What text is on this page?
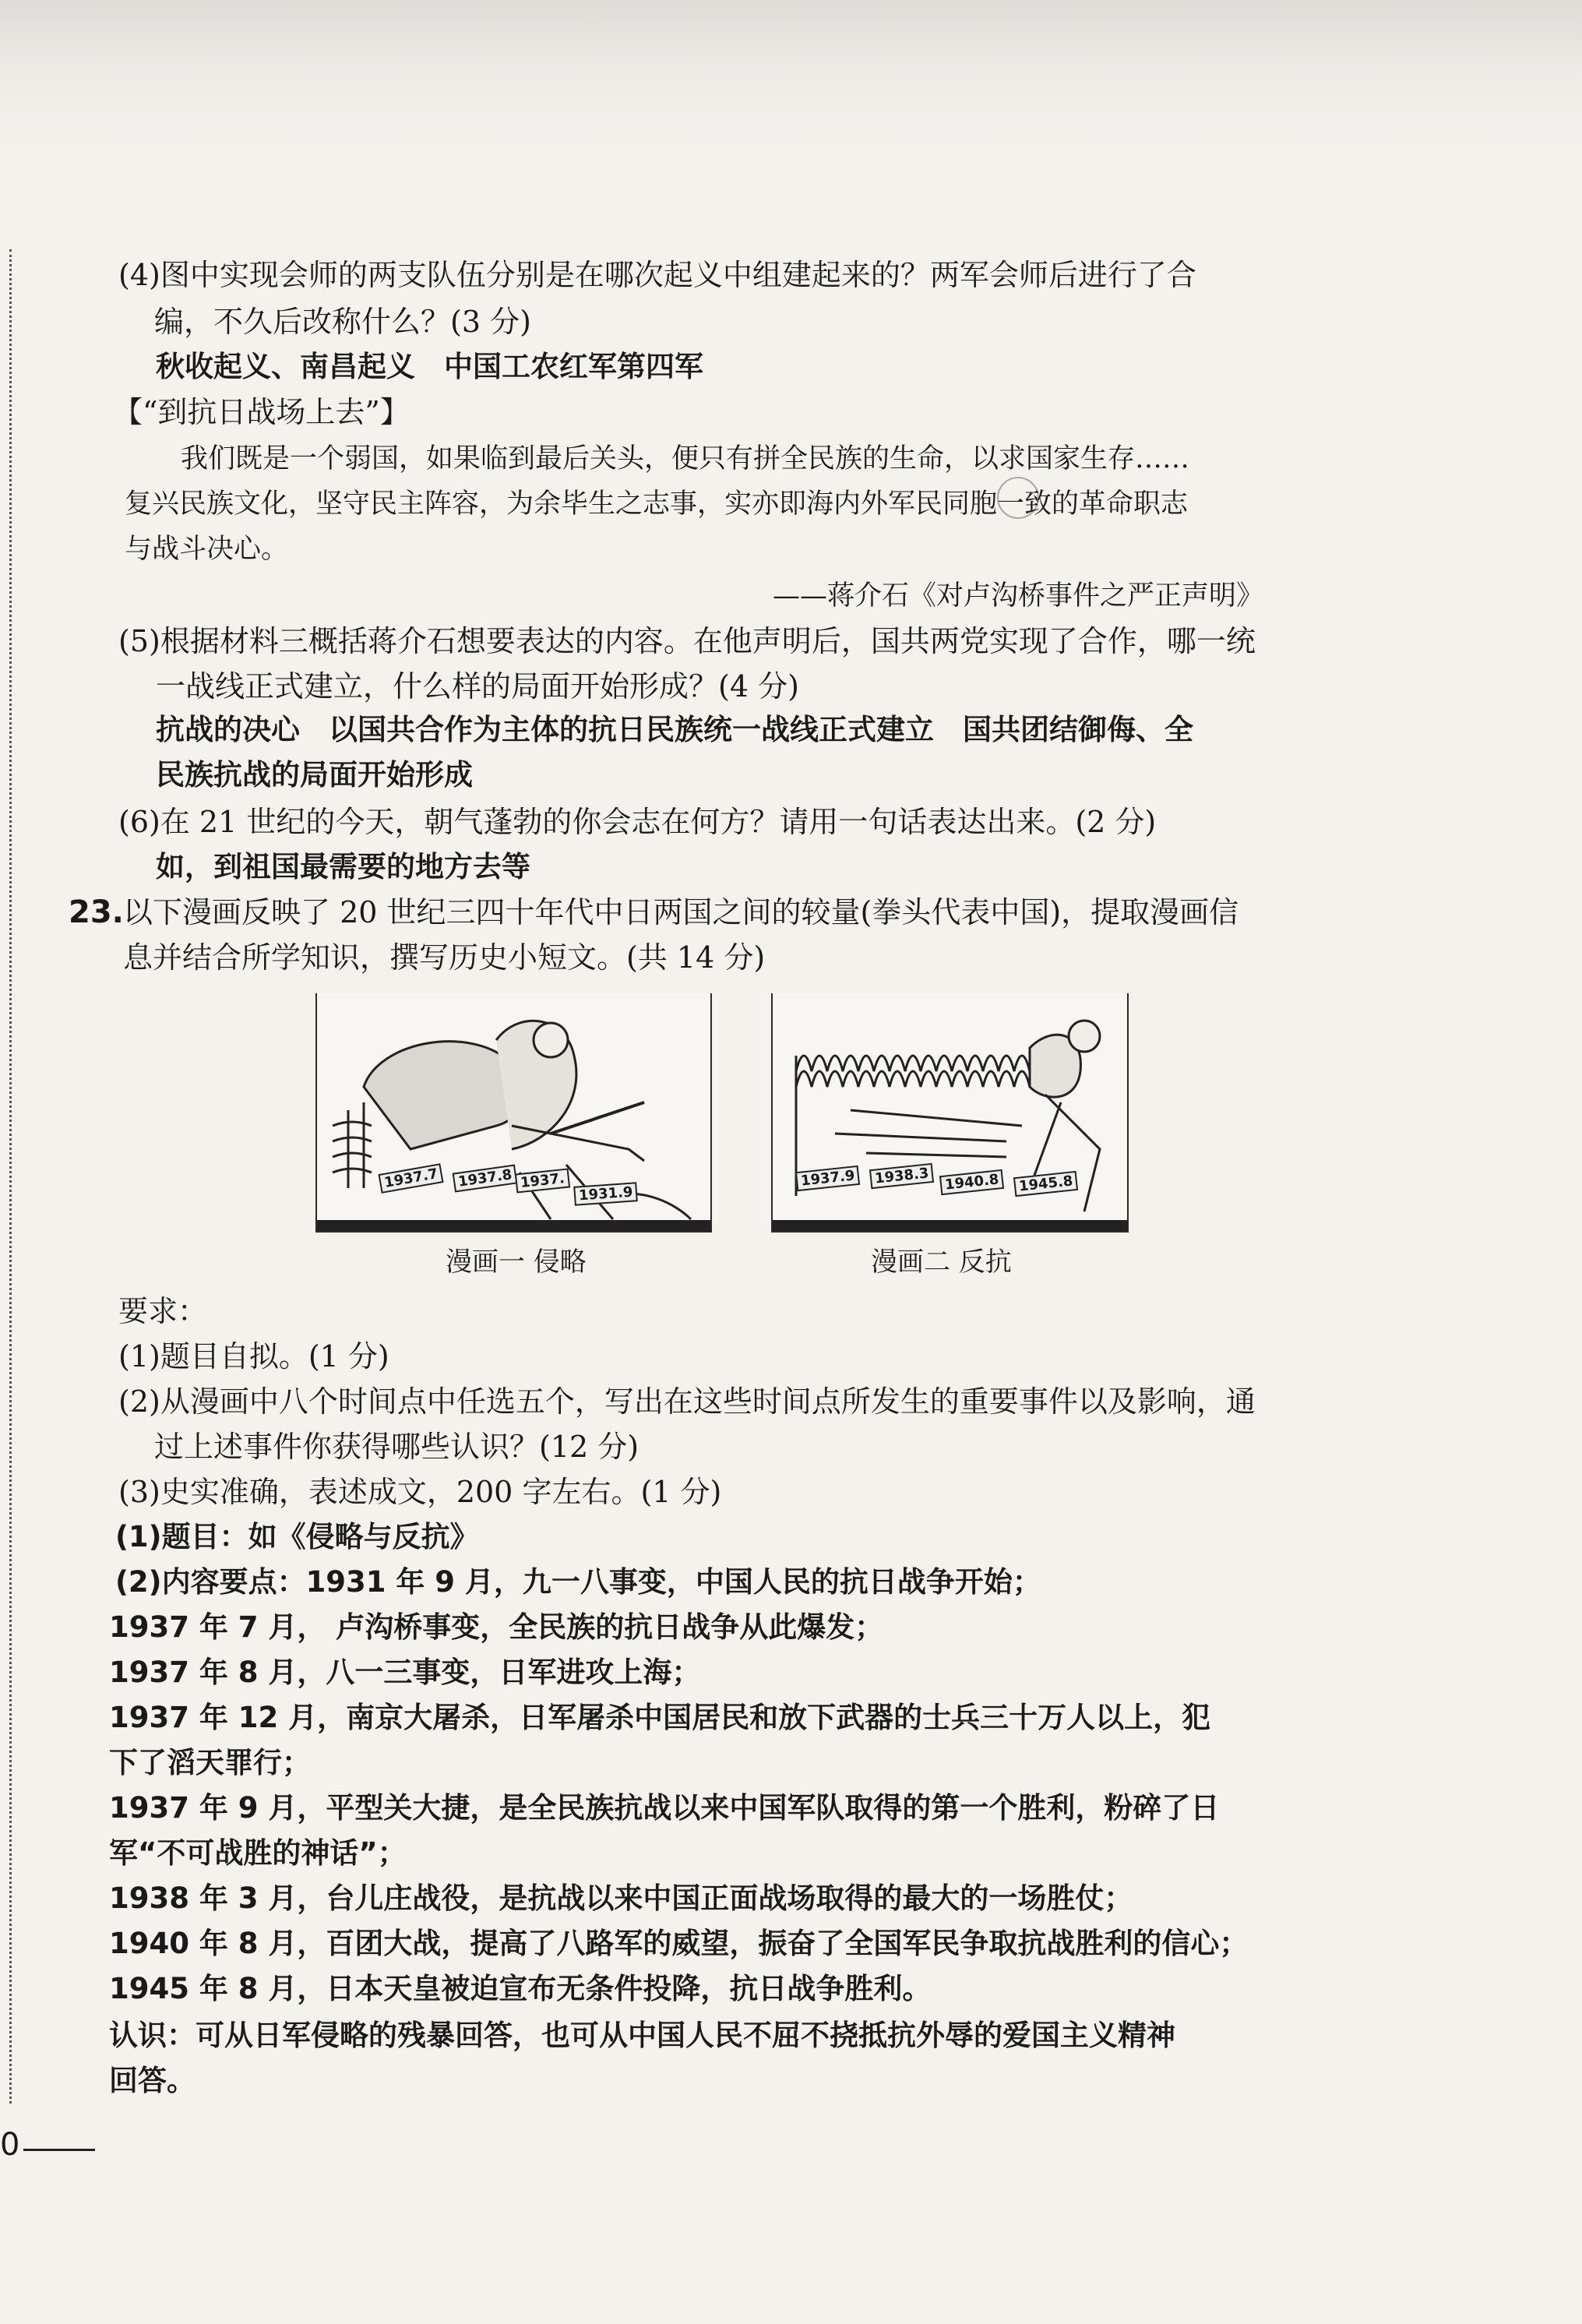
(4)图中实现会师的两支队伍分别是在哪次起义中组建起来的？两军会师后进行了合
编，不久后改称什么？(3 分)
秋收起义、南昌起义　中国工农红军第四军
【“到抗日战场上去”】
我们既是一个弱国，如果临到最后关头，便只有拼全民族的生命，以求国家生存……
复兴民族文化，坚守民主阵容，为余毕生之志事，实亦即海内外军民同胞一致的革命职志
与战斗决心。
——蒋介石《对卢沟桥事件之严正声明》
(5)根据材料三概括蒋介石想要表达的内容。在他声明后，国共两党实现了合作，哪一统
一战线正式建立，什么样的局面开始形成？(4 分)
抗战的决心　以国共合作为主体的抗日民族统一战线正式建立　国共团结御侮、全
民族抗战的局面开始形成
(6)在 21 世纪的今天，朝气蓬勃的你会志在何方？请用一句话表达出来。(2 分)
如，到祖国最需要的地方去等
23. 以下漫画反映了 20 世纪三四十年代中日两国之间的较量(拳头代表中国)，提取漫画信
息并结合所学知识，撰写历史小短文。(共 14 分)
1937.7	1937.8 1937.
1931.9
漫画一 侵略
1937.9	1938.3	1940.8	1945.8
漫画二 反抗
要求：
(1)题目自拟。(1 分)
(2)从漫画中八个时间点中任选五个，写出在这些时间点所发生的重要事件以及影响，通
过上述事件你获得哪些认识？(12 分)
(3)史实准确，表述成文，200 字左右。(1 分)
(1)题目：如《侵略与反抗》
(2)内容要点：1931 年 9 月，九一八事变，中国人民的抗日战争开始；
1937 年 7 月， 卢沟桥事变，全民族的抗日战争从此爆发；
1937 年 8 月，八一三事变，日军进攻上海；
1937 年 12 月，南京大屠杀，日军屠杀中国居民和放下武器的士兵三十万人以上，犯
下了滔天罪行；
1937 年 9 月，平型关大捷，是全民族抗战以来中国军队取得的第一个胜利，粉碎了日
军“不可战胜的神话”；
1938 年 3 月，台儿庄战役，是抗战以来中国正面战场取得的最大的一场胜仗；
1940 年 8 月，百团大战，提高了八路军的威望，振奋了全国军民争取抗战胜利的信心；
1945 年 8 月，日本天皇被迫宣布无条件投降，抗日战争胜利。
认识：可从日军侵略的残暴回答，也可从中国人民不屈不挠抵抗外辱的爱国主义精神
回答。
0
